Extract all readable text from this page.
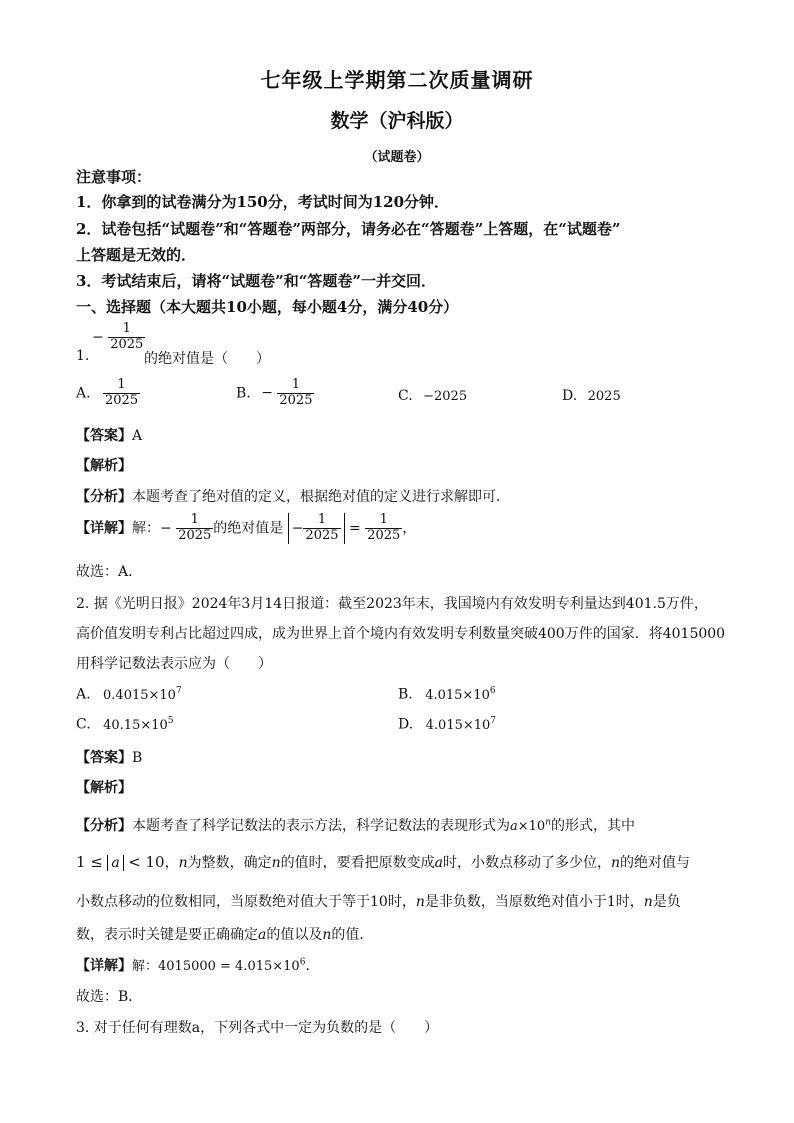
七年级上学期第二次质量调研
数学（沪科版）
（试题卷）
注意事项：
1．你拿到的试卷满分为150分，考试时间为120分钟．
2．试卷包括“试题卷”和“答题卷”两部分，请务必在“答题卷”上答题，在“试题卷”
上答题是无效的．
3．考试结束后，请将“试题卷”和“答题卷”一并交回．
一、选择题（本大题共10小题，每小题4分，满分40分）
− $\frac{1}{2025}$
1.	的绝对值是（　　）
A. $\frac{1}{2025}$	B. − $\frac{1}{2025}$	C. −2025	D. 2025
【答案】A
【解析】
【分析】本题考查了绝对值的定义，根据绝对值的定义进行求解即可．
【详解】解：− $\frac{1}{2025}$ 的绝对值是 − $\frac{1}{2025} = \frac{1}{2025}$ ，
故选：A．
2. 据《光明日报》2024年3月14日报道：截至2023年末，我国境内有效发明专利量达到401.5万件，
高价值发明专利占比超过四成，成为世界上首个境内有效发明专利数量突破400万件的国家．将4015000
用科学记数法表示应为（　　）
A. $0.4015\times 10^7$	B. $4.015\times 10^6$
C. $40.15\times 10^5$	D. $4.015\times 10^7$
【答案】B
【解析】
【分析】本题考查了科学记数法的表示方法，科学记数法的表现形式为$a\times 10^n$的形式，其中
1 ≤ a < 10，n为整数，确定n的值时，要看把原数变成a时，小数点移动了多少位，n的绝对值与
小数点移动的位数相同，当原数绝对值大于等于10时，n是非负数，当原数绝对值小于1时，n是负
数，表示时关键是要正确确定a的值以及n的值．
【详解】解：$4015000 = 4.015\times 10^6$．
故选：B．
3. 对于任何有理数a，下列各式中一定为负数的是（　　）
